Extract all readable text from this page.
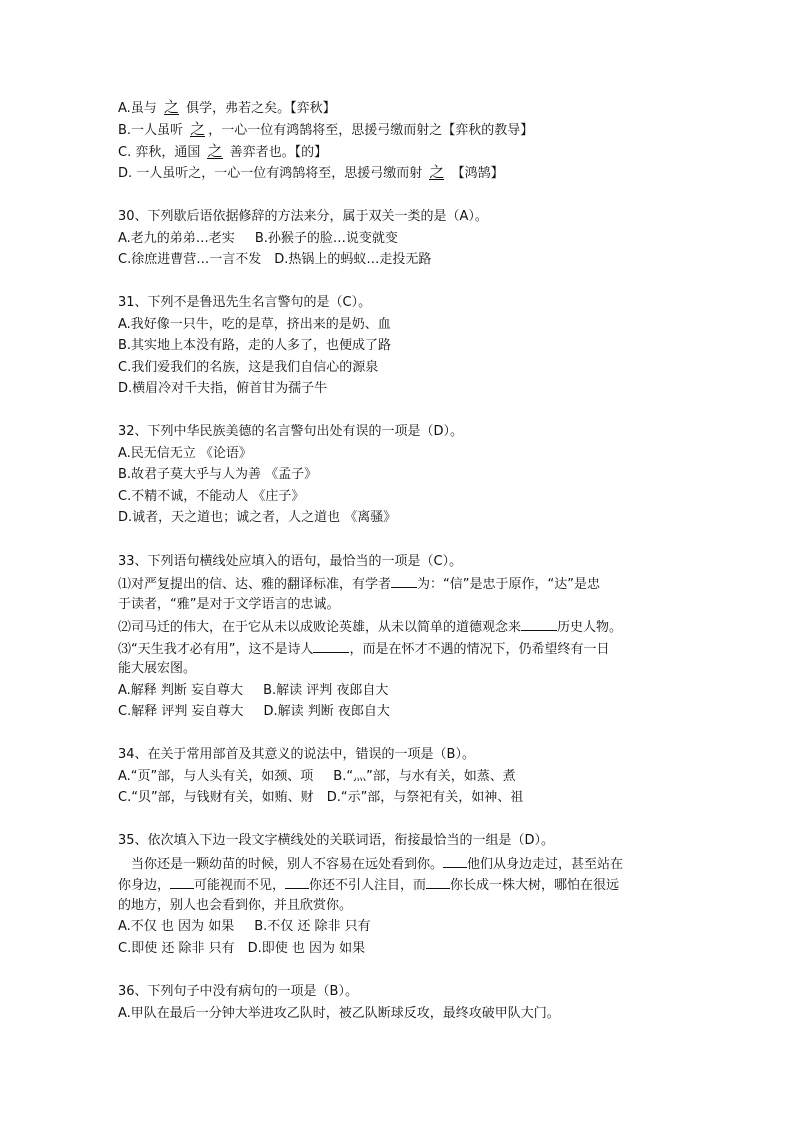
A.虽与 之 俱学，弗若之矣。【弈秋】
B.一人虽听 之 ，一心一位有鸿鹄将至，思援弓缴而射之【弈秋的教导】
C. 弈秋，通国 之 善弈者也。【的】
D. 一人虽听之，一心一位有鸿鹄将至，思援弓缴而射 之 【鸿鹄】
30、下列歇后语依据修辞的方法来分，属于双关一类的是（A）。
A.老九的弟弟…老实 B.孙猴子的脸…说变就变
C.徐庶进曹营…一言不发 D.热锅上的蚂蚁…走投无路
31、下列不是鲁迅先生名言警句的是（C）。
A.我好像一只牛，吃的是草，挤出来的是奶、血
B.其实地上本没有路，走的人多了，也便成了路
C.我们爱我们的名族，这是我们自信心的源泉
D.横眉冷对千夫指，俯首甘为孺子牛
32、下列中华民族美德的名言警句出处有误的一项是（D）。
A.民无信无立 《论语》
B.故君子莫大乎与人为善 《孟子》
C.不精不诚，不能动人 《庄子》
D.诚者，天之道也；诚之者，人之道也 《离骚》
33、下列语句横线处应填入的语句，最恰当的一项是（C）。
⑴对严复提出的信、达、雅的翻译标准，有学者 为：“信”是忠于原作，“达”是忠
于读者，“雅”是对于文学语言的忠诚。
⑵司马迁的伟大，在于它从未以成败论英雄，从未以简单的道德观念来	历史人物。
⑶“天生我才必有用”，这不是诗人	，而是在怀才不遇的情况下，仍希望终有一日
能大展宏图。
A.解释 判断 妄自尊大 B.解读 评判 夜郎自大
C.解释 评判 妄自尊大 D.解读 判断 夜郎自大
34、在关于常用部首及其意义的说法中，错误的一项是（B）。
A.“页”部，与人头有关，如颈、项 B.“灬”部，与水有关，如蒸、煮
C.“贝”部，与钱财有关，如贿、财 D.“示”部，与祭祀有关，如神、祖
35、依次填入下边一段文字横线处的关联词语，衔接最恰当的一组是（D）。
当你还是一颗幼苗的时候，别人不容易在远处看到你。 他们从身边走过，甚至站在
你身边， 可能视而不见， 你还不引人注目，而 你长成一株大树，哪怕在很远
的地方，别人也会看到你，并且欣赏你。
A.不仅 也 因为 如果 B.不仅 还 除非 只有
C.即使 还 除非 只有 D.即使 也 因为 如果
36、下列句子中没有病句的一项是（B）。
A.甲队在最后一分钟大举进攻乙队时，被乙队断球反攻，最终攻破甲队大门。
